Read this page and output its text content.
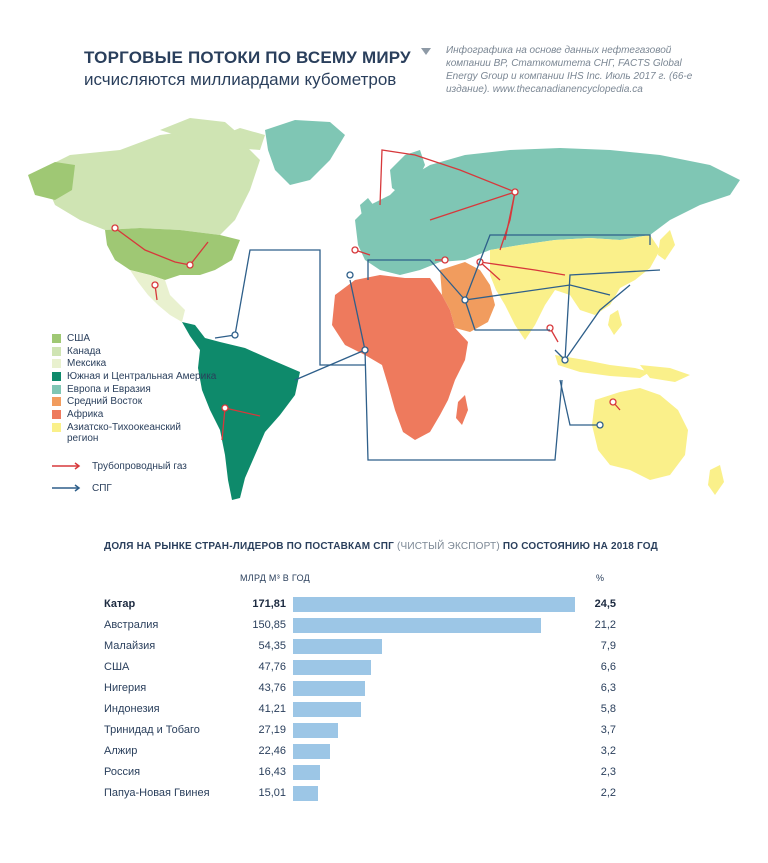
ТОРГОВЫЕ ПОТОКИ ПО ВСЕМУ МИРУ
исчисляются миллиардами кубометров
Инфографика на основе данных нефтегазовой компании BP, Статкомитета СНГ, FACTS Global Energy Group и компании IHS Inc. Июль 2017 г. (66-е издание). www.thecanadianencyclopedia.ca
США
Канада
Мексика
Южная и Центральная Америка
Европа и Евразия
Средний Восток
Африка
Азиатско-Тихоокеанский регион
Трубопроводный газ
СПГ
ДОЛЯ НА РЫНКЕ СТРАН-ЛИДЕРОВ ПО ПОСТАВКАМ СПГ (ЧИСТЫЙ ЭКСПОРТ) ПО СОСТОЯНИЮ НА 2018 ГОД
МЛРД М³ В ГОД	%
Катар	171,81	24,5
Австралия	150,85	21,2
Малайзия	54,35	7,9
США	47,76	6,6
Нигерия	43,76	6,3
Индонезия	41,21	5,8
Тринидад и Тобаго	27,19	3,7
Алжир	22,46	3,2
Россия	16,43	2,3
Папуа-Новая Гвинея	15,01	2,2
